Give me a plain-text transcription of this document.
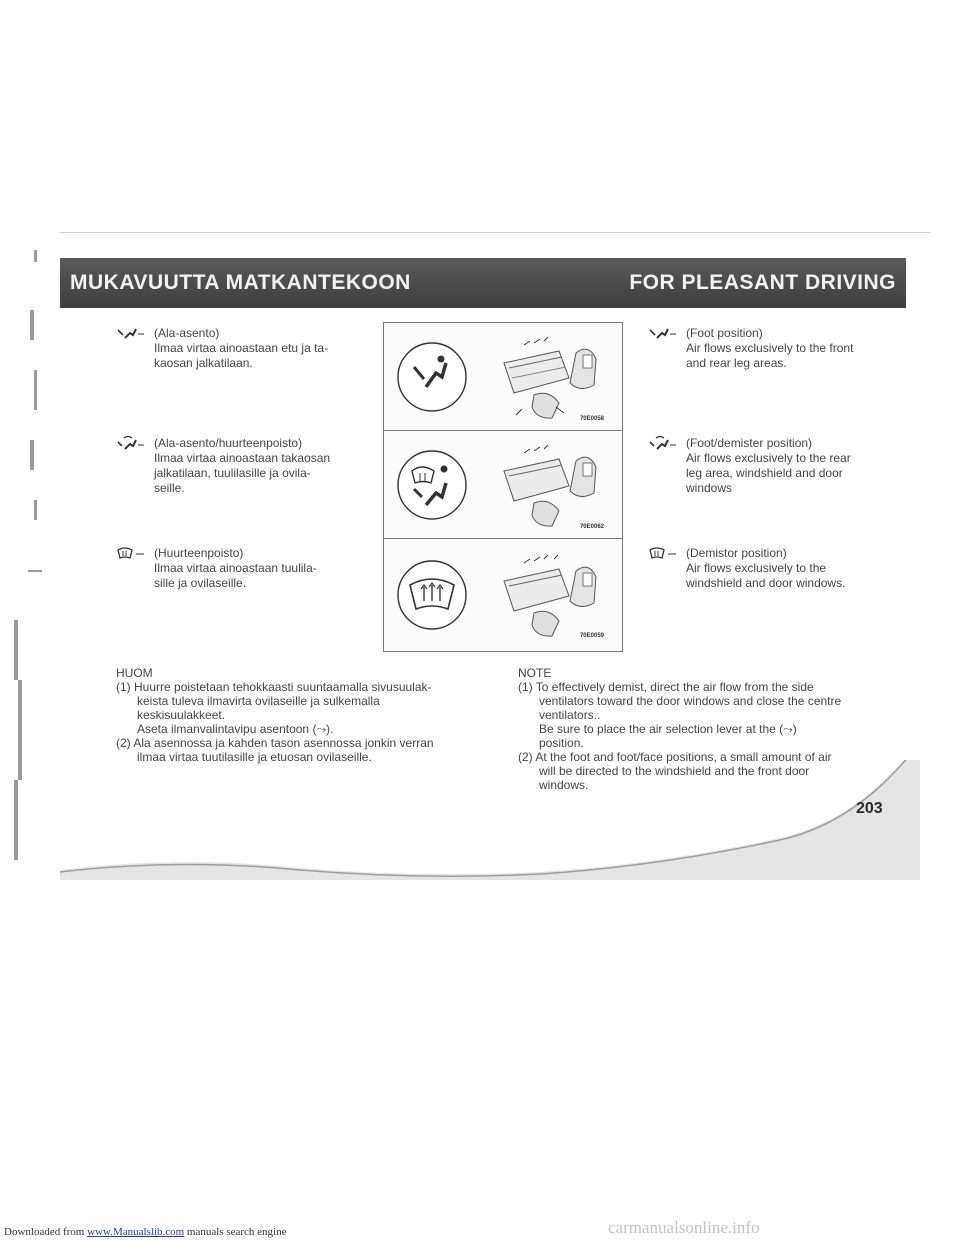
MUKAVUUTTA MATKANTEKOON	FOR PLEASANT DRIVING
(Ala-asento)
Ilmaa virtaa ainoastaan etu ja ta-
kaosan jalkatilaan.
(Ala-asento/huurteenpoisto)
Ilmaa virtaa ainoastaan takaosan
jalkatilaan, tuulilasille ja ovila-
seille.
(Huurteenpoisto)
Ilmaa virtaa ainoastaan tuulila-
sille ja ovilaseille.
70E0058
70E0062
70E0059
(Foot position)
Air flows exclusively to the front
and rear leg areas.
(Foot/demister position)
Air flows exclusively to the rear
leg area, windshield and door
windows
(Demistor position)
Air flows exclusively to the
windshield and door windows.
HUOM
(1) Huurre poistetaan tehokkaasti suuntaamalla sivusuulak-
keista tuleva ilmavirta ovilaseille ja sulkemalla
keskisuulakkeet.
Aseta ilmanvalintavipu asentoon (⤳).
(2) Ala asennossa ja kahden tason asennossa jonkin verran
ilmaa virtaa tuutilasille ja etuosan ovilaseille.
NOTE
(1) To effectively demist, direct the air flow from the side
ventilators toward the door windows and close the centre
ventilators..
Be sure to place the air selection lever at the (⤳)
position.
(2) At the foot and foot/face positions, a small amount of air
will be directed to the windshield and the front door
windows.
203
Downloaded from www.Manualslib.com manuals search engine	carmanualsonline.info
